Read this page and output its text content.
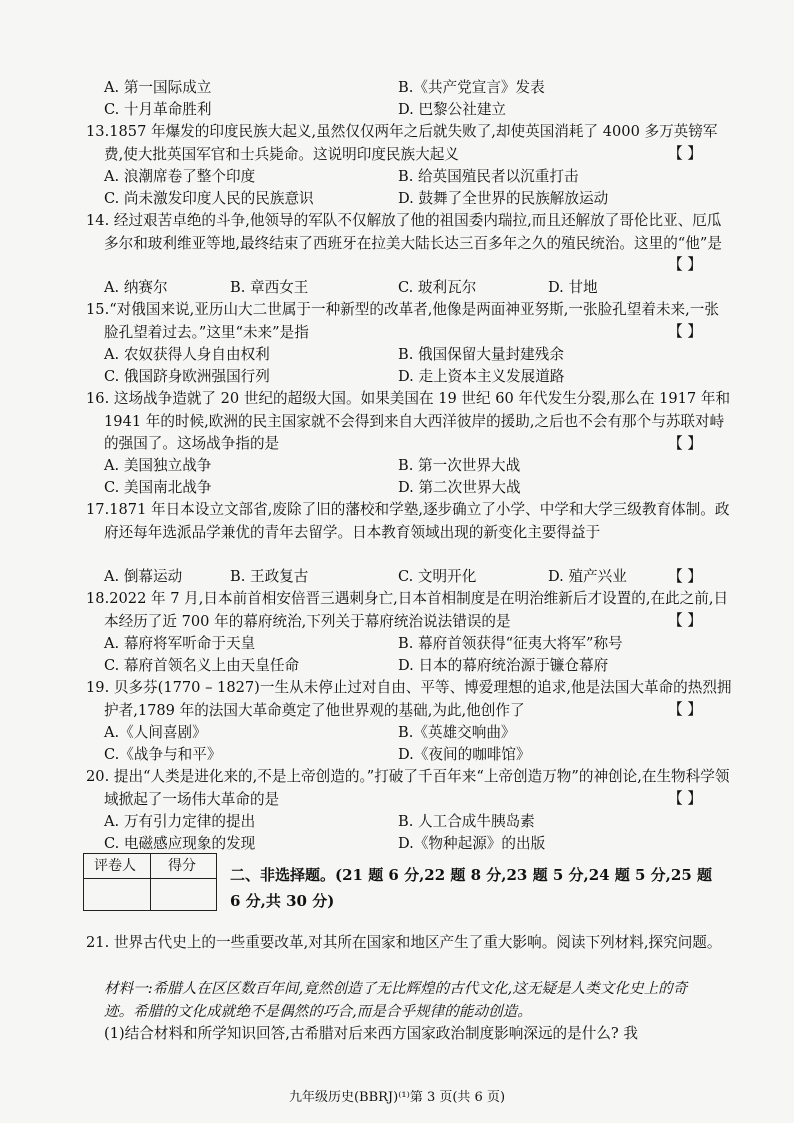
A. 第一国际成立	B.《共产党宣言》发表
C. 十月革命胜利	D. 巴黎公社建立
13.1857 年爆发的印度民族大起义,虽然仅仅两年之后就失败了,却使英国消耗了 4000 多万英镑军费,使大批英国军官和士兵毙命。这说明印度民族大起义	【 】
A. 浪潮席卷了整个印度	B. 给英国殖民者以沉重打击
C. 尚未激发印度人民的民族意识	D. 鼓舞了全世界的民族解放运动
14. 经过艰苦卓绝的斗争,他领导的军队不仅解放了他的祖国委内瑞拉,而且还解放了哥伦比亚、厄瓜多尔和玻利维亚等地,最终结束了西班牙在拉美大陆长达三百多年之久的殖民统治。这里的“他”是
【 】
A. 纳赛尔	B. 章西女王	C. 玻利瓦尔	D. 甘地
15.“对俄国来说,亚历山大二世属于一种新型的改革者,他像是两面神亚努斯,一张脸孔望着未来,一张脸孔望着过去。”这里“未来”是指	【 】
A. 农奴获得人身自由权利	B. 俄国保留大量封建残余
C. 俄国跻身欧洲强国行列	D. 走上资本主义发展道路
16. 这场战争造就了 20 世纪的超级大国。如果美国在 19 世纪 60 年代发生分裂,那么在 1917 年和 1941 年的时候,欧洲的民主国家就不会得到来自大西洋彼岸的援助,之后也不会有那个与苏联对峙的强国了。这场战争指的是	【 】
A. 美国独立战争	B. 第一次世界大战
C. 美国南北战争	D. 第二次世界大战
17.1871 年日本设立文部省,废除了旧的藩校和学塾,逐步确立了小学、中学和大学三级教育体制。政府还每年选派品学兼优的青年去留学。日本教育领域出现的新变化主要得益于
【 】
A. 倒幕运动	B. 王政复古	C. 文明开化	D. 殖产兴业
18.2022 年 7 月,日本前首相安倍晋三遇刺身亡,日本首相制度是在明治维新后才设置的,在此之前,日本经历了近 700 年的幕府统治,下列关于幕府统治说法错误的是	【 】
A. 幕府将军听命于天皇	B. 幕府首领获得“征夷大将军”称号
C. 幕府首领名义上由天皇任命	D. 日本的幕府统治源于镰仓幕府
19. 贝多芬(1770 – 1827)一生从未停止过对自由、平等、博爱理想的追求,他是法国大革命的热烈拥护者,1789 年的法国大革命奠定了他世界观的基础,为此,他创作了	【 】
A.《人间喜剧》	B.《英雄交响曲》
C.《战争与和平》	D.《夜间的咖啡馆》
20. 提出“人类是进化来的,不是上帝创造的。”打破了千百年来“上帝创造万物”的神创论,在生物科学领域掀起了一场伟大革命的是	【 】
A. 万有引力定律的提出	B. 人工合成牛胰岛素
C. 电磁感应现象的发现	D.《物种起源》的出版
评卷人 得分 二、非选择题。(21 题 6 分,22 题 8 分,23 题 5 分,24 题 5 分,25 题 6 分,共 30 分)
21. 世界古代史上的一些重要改革,对其所在国家和地区产生了重大影响。阅读下列材料,探究问题。
材料一:希腊人在区区数百年间,竟然创造了无比辉煌的古代文化,这无疑是人类文化史上的奇迹。希腊的文化成就绝不是偶然的巧合,而是合乎规律的能动创造。
(1)结合材料和所学知识回答,古希腊对后来西方国家政治制度影响深远的是什么? 我
九年级历史(BBRJ)⁽¹⁾第 3 页(共 6 页)
